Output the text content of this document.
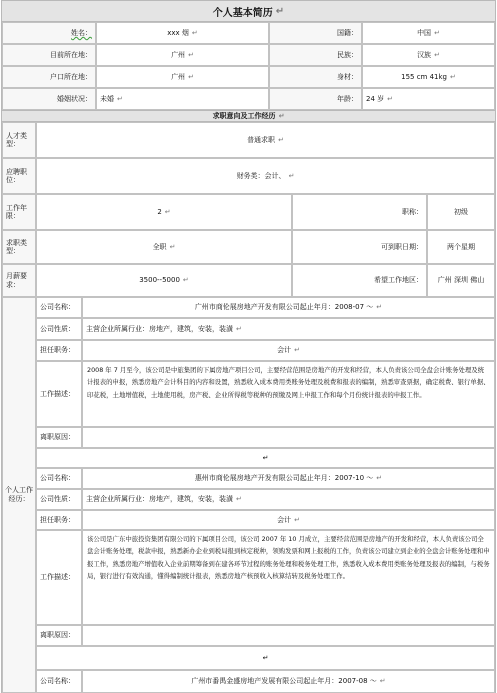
个人基本简历 ↵
姓名：	xxx 烟 ↵	国籍：	中国 ↵
目前所在地：	广州 ↵	民族：	汉族 ↵
户口所在地：	广州 ↵	身材：	155 cm 41kg ↵
婚姻状况：	未婚 ↵	年龄：	24 岁 ↵
求职意向及工作经历 ↵
人才类型：
普通求职 ↵
应聘职位：
财务类：会计、 ↵
工作年限：
2 ↵	职称：	初级
求职类型：
全职 ↵	可到职日期：	两个星期
月薪要求：
3500--5000 ↵	希望工作地区：	广州 深圳 佛山
个人工作经历：
公司名称：	广州市商伦展房地产开发有限公司起止年月：2008-07 ～ ↵
公司性质：	主营企业所属行业：房地产，建筑，安装，装潢 ↵
担任职务：	会计 ↵
工作描述：
2008 年 7 月至今，该公司是中旅集团的下属房地产项目公司，主要经营范围是房地产的开发和经营，本人负责该公司全盘会计账务处理及统计报表的申报，熟悉房地产会计科目的内容和设置，熟悉收入成本费用类账务处理及税费和报表的编制，熟悉审查票据，确定税费、银行单据、印花税，土地增值税，土地使用税，房产税、企业所得税等税种的预缴及网上申报工作和每个月份统计报表的申报工作。
离职原因：
↵
公司名称：	惠州市商伦展房地产开发有限公司起止年月：2007-10 ～ ↵
公司性质：	主营企业所属行业：房地产，建筑，安装，装潢 ↵
担任职务：	会计 ↵
工作描述：
该公司是广东中旅投资集团有限公司的下属项目公司，该公司 2007 年 10 月成立，主要经营范围是房地产的开发和经营，本人负责该公司全盘会计账务处理，税款申报，熟悉新办企业到税局报到核定税种，领购发票和网上报税的工作，负责该公司建立到企业的全盘会计账务处理和申报工作，熟悉房地产增值收入企业前期筹备到在建各环节过程的账务处理和税务处理工作，熟悉收入成本费用类账务处理及报表的编制，与税务局，银行进行有效沟通，懂得编制统计报表，熟悉房地产核预收入核算结转及税务处理工作。
离职原因：
↵
公司名称：	广州市番禺金盛房地产发展有限公司起止年月：2007-08 ～ ↵
